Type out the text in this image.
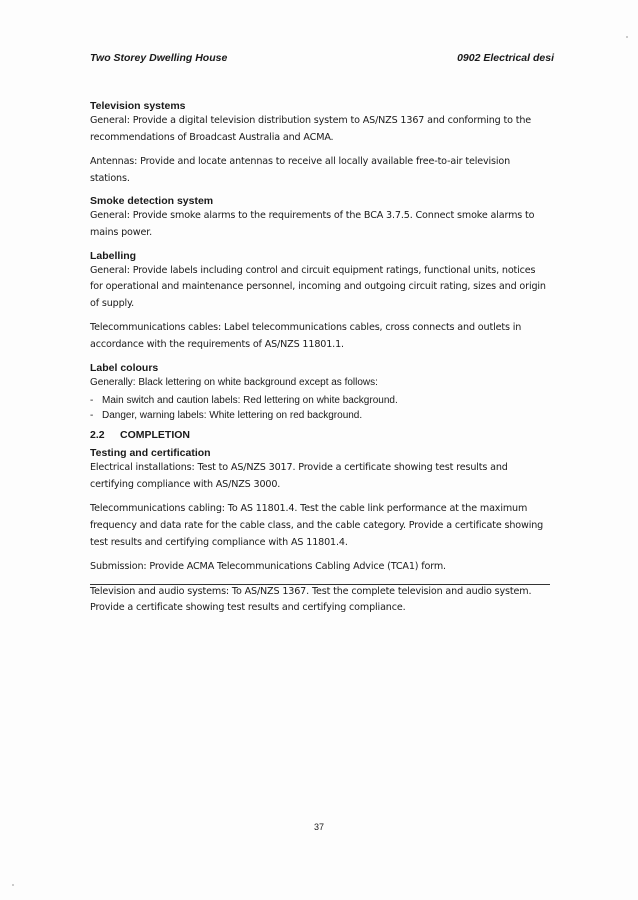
Two Storey Dwelling House	0902 Electrical desi

Television systems

General: Provide a digital television distribution system to AS/NZS 1367 and conforming to the recommendations of Broadcast Australia and ACMA.

Antennas: Provide and locate antennas to receive all locally available free-to-air television stations.

Smoke detection system

General: Provide smoke alarms to the requirements of the BCA 3.7.5. Connect smoke alarms to mains power.

Labelling

General: Provide labels including control and circuit equipment ratings, functional units, notices for operational and maintenance personnel, incoming and outgoing circuit rating, sizes and origin of supply.

Telecommunications cables: Label telecommunications cables, cross connects and outlets in accordance with the requirements of AS/NZS 11801.1.

Label colours

Generally: Black lettering on white background except as follows:

- Main switch and caution labels: Red lettering on white background.
- Danger, warning labels: White lettering on red background.

2.2 COMPLETION

Testing and certification

Electrical installations: Test to AS/NZS 3017. Provide a certificate showing test results and certifying compliance with AS/NZS 3000.

Telecommunications cabling: To AS 11801.4. Test the cable link performance at the maximum frequency and data rate for the cable class, and the cable category. Provide a certificate showing test results and certifying compliance with AS 11801.4.

Submission: Provide ACMA Telecommunications Cabling Advice (TCA1) form.

Television and audio systems: To AS/NZS 1367. Test the complete television and audio system. Provide a certificate showing test results and certifying compliance.

37
